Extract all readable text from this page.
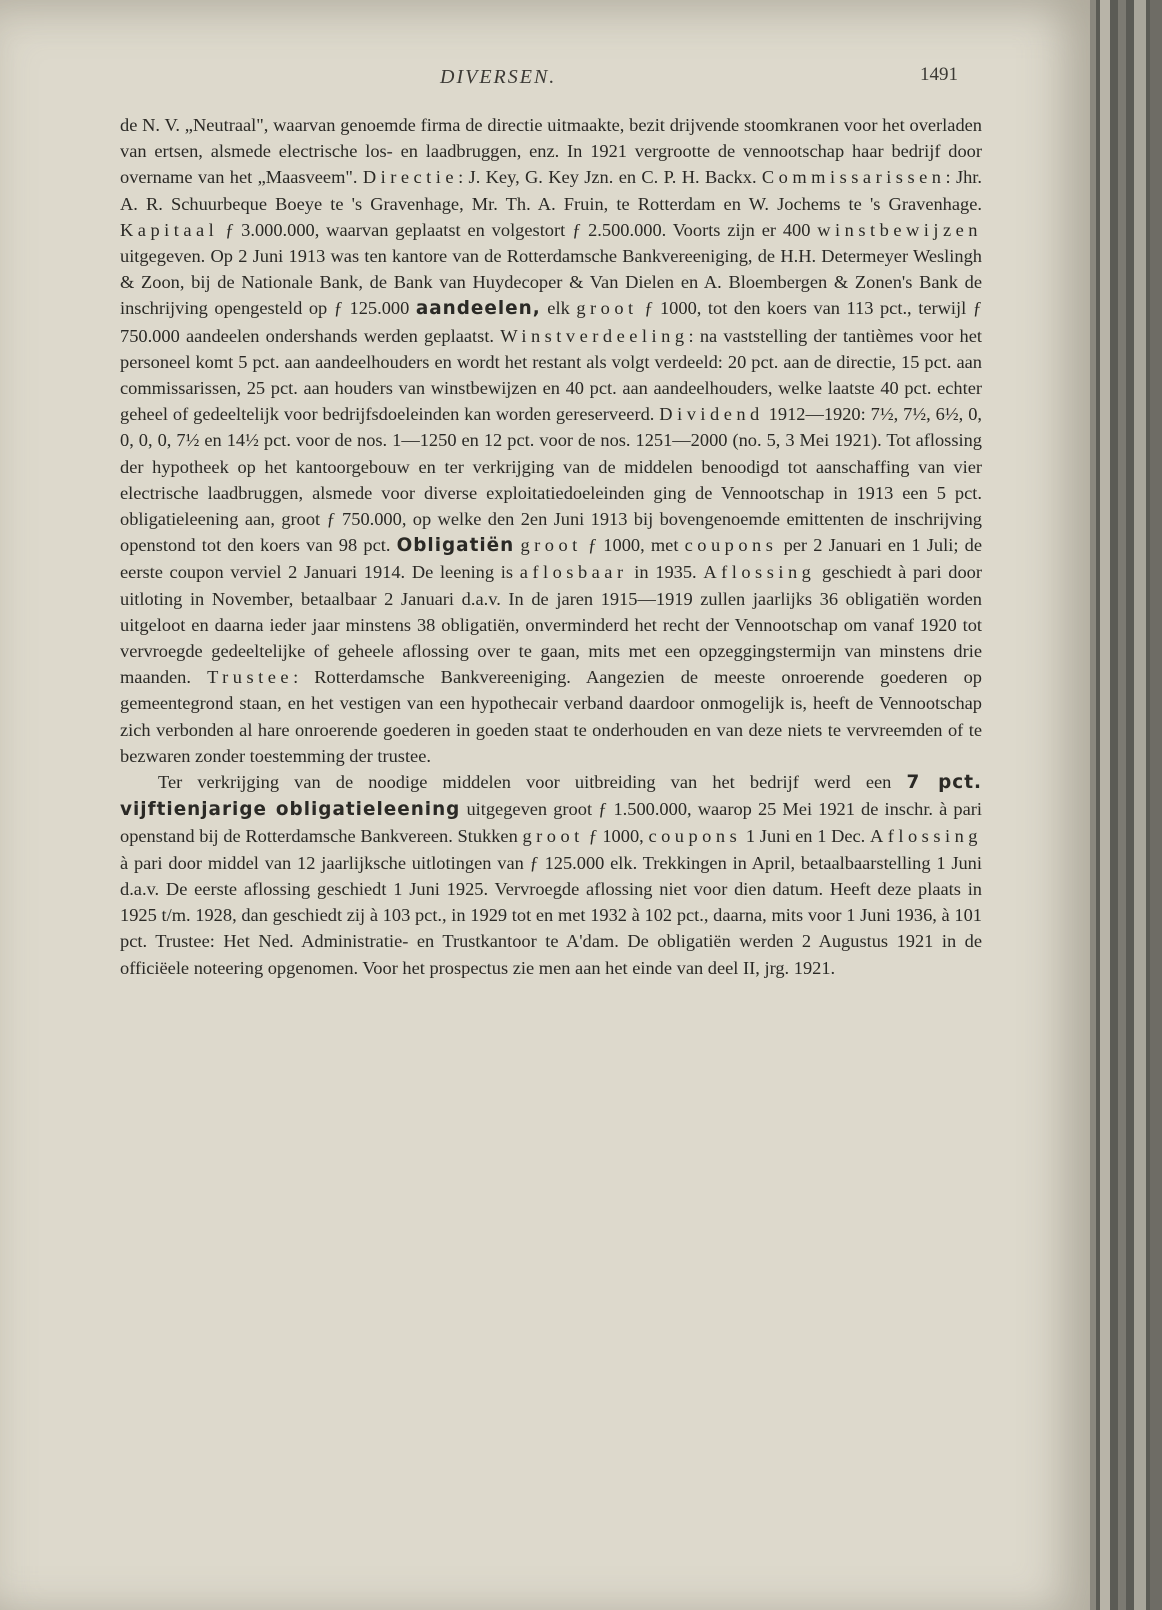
DIVERSEN.	1491

de N. V. „Neutraal", waarvan genoemde firma de directie uitmaakte, bezit drijvende stoomkranen voor het overladen van ertsen, alsmede electrische los- en laadbruggen, enz. In 1921 vergrootte de vennootschap haar bedrijf door overname van het „Maasveem". Directie: J. Key, G. Key Jzn. en C. P. H. Backx. Commissarissen: Jhr. A. R. Schuurbeque Boeye te 's Gravenhage, Mr. Th. A. Fruin, te Rotterdam en W. Jochems te 's Gravenhage. Kapitaal ƒ 3.000.000, waarvan geplaatst en volgestort ƒ 2.500.000. Voorts zijn er 400 winstbewijzen uitgegeven. Op 2 Juni 1913 was ten kantore van de Rotterdamsche Bankvereeniging, de H.H. Determeyer Weslingh & Zoon, bij de Nationale Bank, de Bank van Huydecoper & Van Dielen en A. Bloembergen & Zonen's Bank de inschrijving opengesteld op ƒ 125.000 aandeelen, elk groot ƒ 1000, tot den koers van 113 pct., terwijl ƒ 750.000 aandeelen ondershands werden geplaatst. Winstverdeeling: na vaststelling der tantièmes voor het personeel komt 5 pct. aan aandeelhouders en wordt het restant als volgt verdeeld: 20 pct. aan de directie, 15 pct. aan commissarissen, 25 pct. aan houders van winstbewijzen en 40 pct. aan aandeelhouders, welke laatste 40 pct. echter geheel of gedeeltelijk voor bedrijfsdoeleinden kan worden gereserveerd. Dividend 1912—1920: 7½, 7½, 6½, 0, 0, 0, 0, 7½ en 14½ pct. voor de nos. 1—1250 en 12 pct. voor de nos. 1251—2000 (no. 5, 3 Mei 1921). Tot aflossing der hypotheek op het kantoorgebouw en ter verkrijging van de middelen benoodigd tot aanschaffing van vier electrische laadbruggen, alsmede voor diverse exploitatiedoeleinden ging de Vennootschap in 1913 een 5 pct. obligatieleening aan, groot ƒ 750.000, op welke den 2en Juni 1913 bij bovengenoemde emittenten de inschrijving openstond tot den koers van 98 pct. Obligatiën groot ƒ 1000, met coupons per 2 Januari en 1 Juli; de eerste coupon verviel 2 Januari 1914. De leening is aflosbaar in 1935. Aflossing geschiedt à pari door uitloting in November, betaalbaar 2 Januari d.a.v. In de jaren 1915—1919 zullen jaarlijks 36 obligatiën worden uitgeloot en daarna ieder jaar minstens 38 obligatiën, onverminderd het recht der Vennootschap om vanaf 1920 tot vervroegde gedeeltelijke of geheele aflossing over te gaan, mits met een opzeggingstermijn van minstens drie maanden. Trustee: Rotterdamsche Bankvereeniging. Aangezien de meeste onroerende goederen op gemeentegrond staan, en het vestigen van een hypothecair verband daardoor onmogelijk is, heeft de Vennootschap zich verbonden al hare onroerende goederen in goeden staat te onderhouden en van deze niets te vervreemden of te bezwaren zonder toestemming der trustee.

Ter verkrijging van de noodige middelen voor uitbreiding van het bedrijf werd een 7 pct. vijftienjarige obligatieleening uitgegeven groot ƒ 1.500.000, waarop 25 Mei 1921 de inschr. à pari openstand bij de Rotterdamsche Bankvereen. Stukken groot ƒ 1000, coupons 1 Juni en 1 Dec. Aflossing à pari door middel van 12 jaarlijksche uitlotingen van ƒ 125.000 elk. Trekkingen in April, betaalbaarstelling 1 Juni d.a.v. De eerste aflossing geschiedt 1 Juni 1925. Vervroegde aflossing niet voor dien datum. Heeft deze plaats in 1925 t/m. 1928, dan geschiedt zij à 103 pct., in 1929 tot en met 1932 à 102 pct., daarna, mits voor 1 Juni 1936, à 101 pct. Trustee: Het Ned. Administratie- en Trustkantoor te A'dam. De obligatiën werden 2 Augustus 1921 in de officiëele noteering opgenomen. Voor het prospectus zie men aan het einde van deel II, jrg. 1921.
